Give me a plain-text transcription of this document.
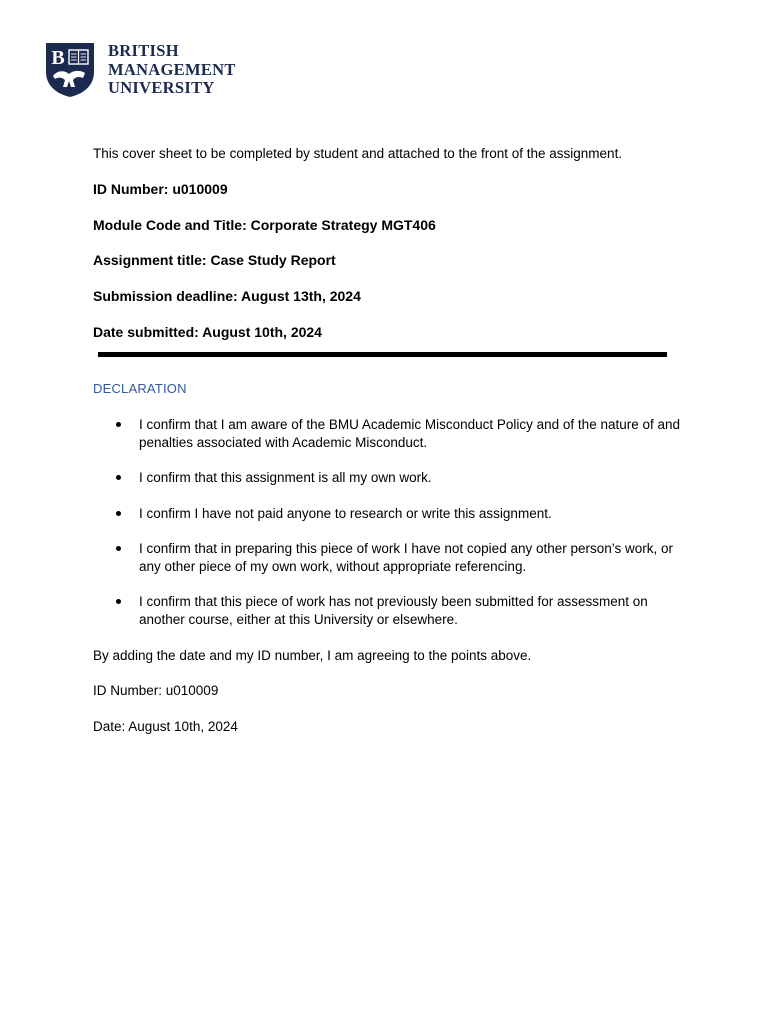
B	BRITISH
MANAGEMENT
UNIVERSITY
This cover sheet to be completed by student and attached to the front of the assignment.
ID Number: u010009
Module Code and Title: Corporate Strategy MGT406
Assignment title: Case Study Report
Submission deadline: August 13th, 2024
Date submitted: August 10th, 2024
DECLARATION
I confirm that I am aware of the BMU Academic Misconduct Policy and of the nature of and penalties associated with Academic Misconduct.
I confirm that this assignment is all my own work.
I confirm I have not paid anyone to research or write this assignment.
I confirm that in preparing this piece of work I have not copied any other person’s work, or any other piece of my own work, without appropriate referencing.
I confirm that this piece of work has not previously been submitted for assessment on another course, either at this University or elsewhere.
By adding the date and my ID number, I am agreeing to the points above.
ID Number: u010009
Date: August 10th, 2024
